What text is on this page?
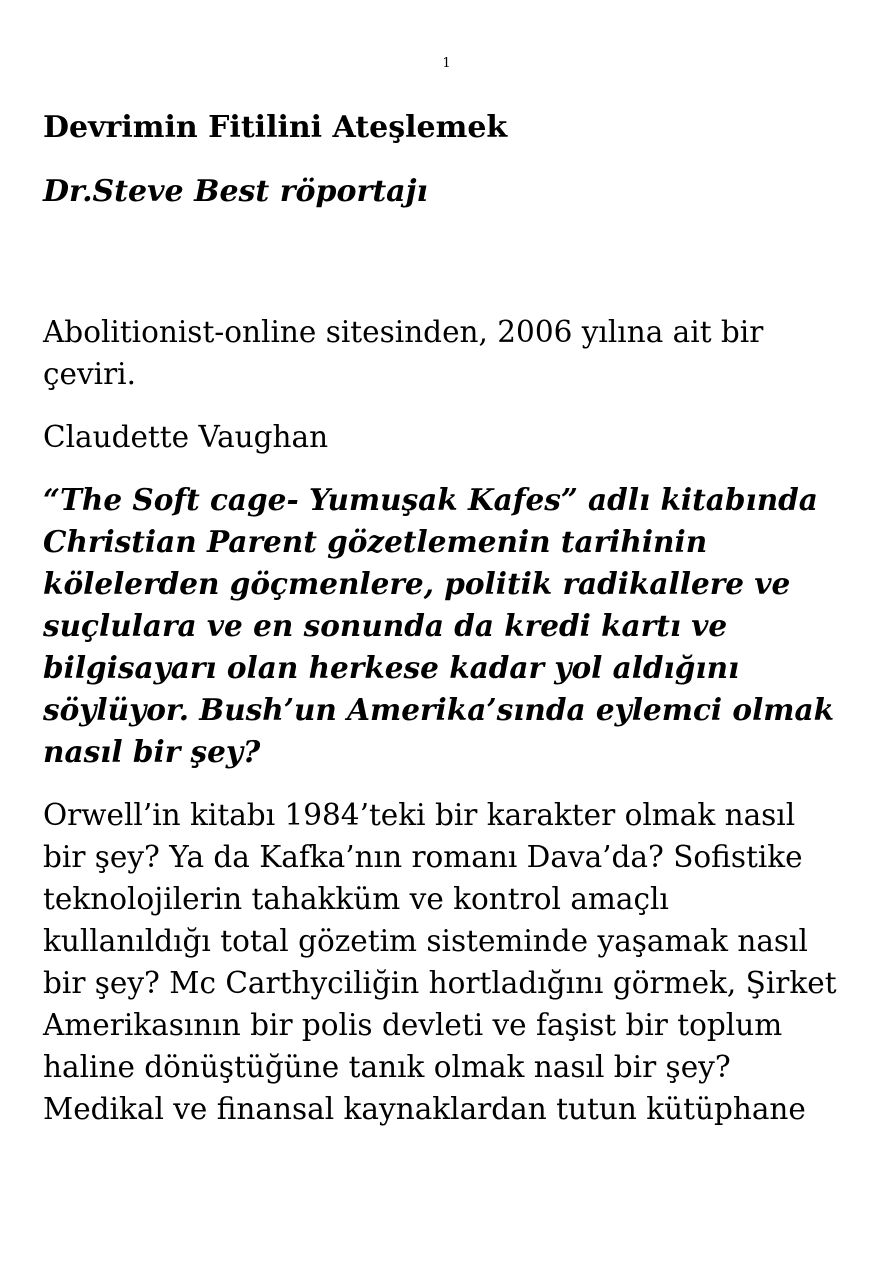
1
Devrimin Fitilini Ateşlemek
Dr.Steve Best röportajı

Abolitionist-online sitesinden, 2006 yılına ait bir
çeviri.

Claudette Vaughan

“The Soft cage- Yumuşak Kafes” adlı kitabında
Christian Parent gözetlemenin tarihinin
kölelerden göçmenlere, politik radikallere ve
suçlulara ve en sonunda da kredi kartı ve
bilgisayarı olan herkese kadar yol aldığını
söylüyor. Bush’un Amerika’sında eylemci olmak
nasıl bir şey?

Orwell’in kitabı 1984’teki bir karakter olmak nasıl
bir şey? Ya da Kafka’nın romanı Dava’da? Sofistike
teknolojilerin tahakküm ve kontrol amaçlı
kullanıldığı total gözetim sisteminde yaşamak nasıl
bir şey? Mc Carthyciliğin hortladığını görmek, Şirket
Amerikasının bir polis devleti ve faşist bir toplum
haline dönüştüğüne tanık olmak nasıl bir şey?
Medikal ve finansal kaynaklardan tutun kütüphane
